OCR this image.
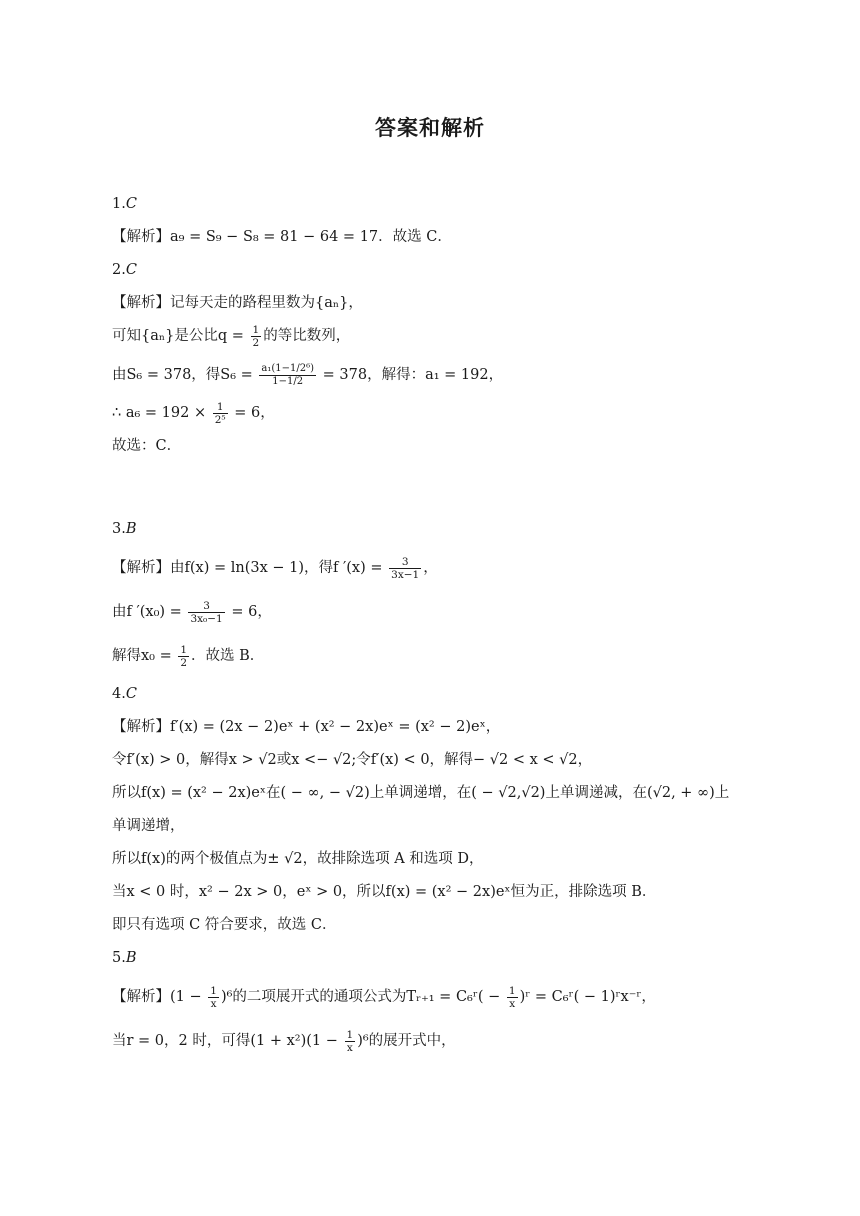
答案和解析
1.C
【解析】a₉ = S₉ − S₈ = 81 − 64 = 17．故选 C．
2.C
【解析】记每天走的路程里数为{aₙ}，
可知{aₙ}是公比$q = \frac{1}{2}$ 的等比数列，
由S₆ = 378，得$S_6 = \frac{\text{a₁(1−1/2⁶)}}{1-1/2} = 378$，解得：a₁ = 192，
∴ $a_6 = 192 \times \frac{1}{\text{2⁵}} = 6$，
故选：C．
3.B
【解析】由f(x) = ln(3x − 1)，得f $'(x) = \frac{3}{3x-1}$ ，
由f $'(x_0) = \frac{3}{\text{3x₀−1}} = 6$，
解得$x_0 = \frac{1}{2}$ ．故选 B．
4.C
【解析】f′(x) = (2x − 2)eˣ + (x² − 2x)eˣ = (x² − 2)eˣ，
令f′(x) > 0，解得x > √2或x <− √2;令f′(x) < 0，解得− √2 < x < √2，
所以f(x) = (x² − 2x)eˣ在( − ∞, − √2)上单调递增，在( − √2,√2)上单调递减，在(√2, + ∞)上
单调递增，
所以f(x)的两个极值点为± √2，故排除选项 A 和选项 D，
当x < 0 时，x² − 2x > 0，eˣ > 0，所以f(x) = (x² − 2x)eˣ恒为正，排除选项 B．
即只有选项 C 符合要求，故选 C．
5.B
【解析】$(1 - \frac{1}{x} )^6$的二项展开式的通项公式为Tᵣ₊₁ = C₆ʳ( − $\frac{1}{x}$ )ʳ = C₆ʳ( − 1)ʳx⁻ʳ，
当r = 0，2 时，可得$(1 + x^2)(1 - \frac{1}{x} )^6$的展开式中，
